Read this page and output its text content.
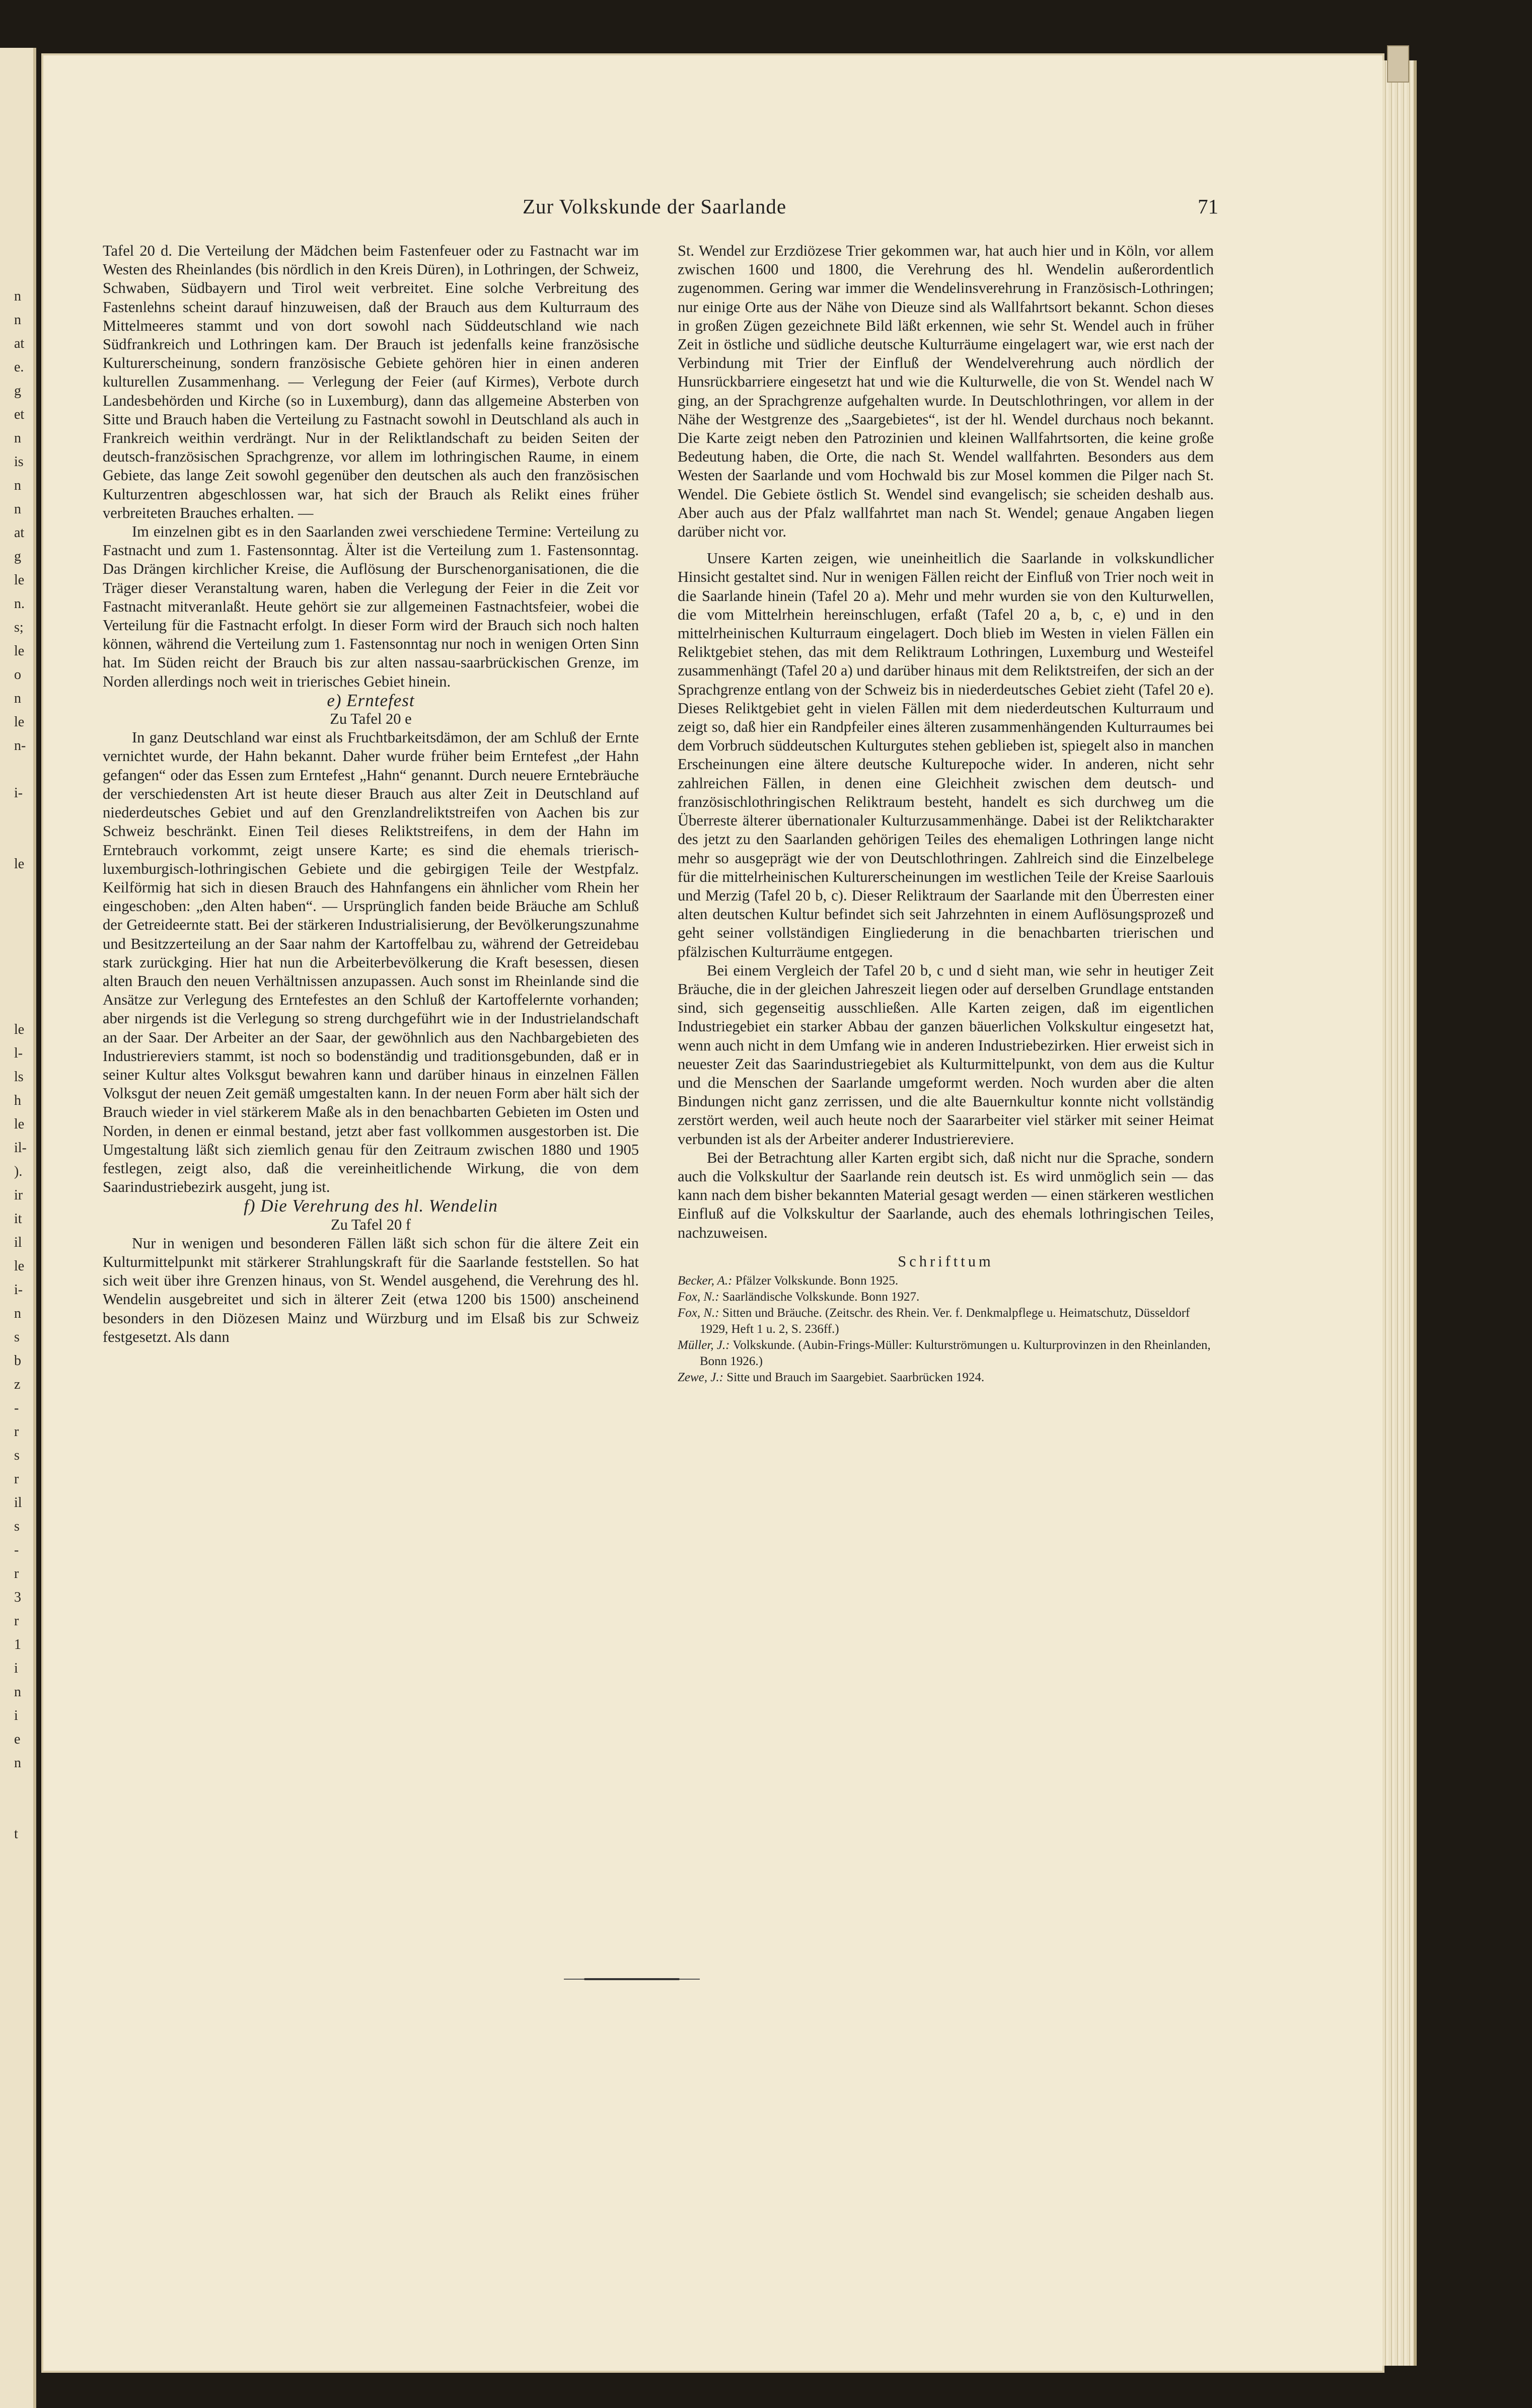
n
n
at
e.
g
et
n
is
n
n
at
g
le
n.
s;
le
o
n
le
n-
i-
le
le
l-
ls
h
le
il-
).
ir
it
il
le
i-
n
s
b
z
-
r
s
r
il
s
-
r
3
r
1
i
n
i
e
n
t
Zur Volkskunde der Saarlande	71

Tafel 20 d. Die Verteilung der Mädchen beim Fastenfeuer oder zu Fastnacht war im Westen des Rheinlandes (bis nördlich in den Kreis Düren), in Lothringen, der Schweiz, Schwaben, Südbayern und Tirol weit verbreitet. Eine solche Verbreitung des Fastenlehns scheint darauf hinzuweisen, daß der Brauch aus dem Kulturraum des Mittelmeeres stammt und von dort sowohl nach Süddeutschland wie nach Südfrankreich und Lothringen kam. Der Brauch ist jedenfalls keine französische Kulturerscheinung, sondern französische Gebiete gehören hier in einen anderen kulturellen Zusammenhang. — Verlegung der Feier (auf Kirmes), Verbote durch Landesbehörden und Kirche (so in Luxemburg), dann das allgemeine Absterben von Sitte und Brauch haben die Verteilung zu Fastnacht sowohl in Deutschland als auch in Frankreich weithin verdrängt. Nur in der Reliktlandschaft zu beiden Seiten der deutsch-französischen Sprachgrenze, vor allem im lothringischen Raume, in einem Gebiete, das lange Zeit sowohl gegenüber den deutschen als auch den französischen Kulturzentren abgeschlossen war, hat sich der Brauch als Relikt eines früher verbreiteten Brauches erhalten. —

Im einzelnen gibt es in den Saarlanden zwei verschiedene Termine: Verteilung zu Fastnacht und zum 1. Fastensonntag. Älter ist die Verteilung zum 1. Fastensonntag. Das Drängen kirchlicher Kreise, die Auflösung der Burschenorganisationen, die die Träger dieser Veranstaltung waren, haben die Verlegung der Feier in die Zeit vor Fastnacht mitveranlaßt. Heute gehört sie zur allgemeinen Fastnachtsfeier, wobei die Verteilung für die Fastnacht erfolgt. In dieser Form wird der Brauch sich noch halten können, während die Verteilung zum 1. Fastensonntag nur noch in wenigen Orten Sinn hat. Im Süden reicht der Brauch bis zur alten nassau-saarbrückischen Grenze, im Norden allerdings noch weit in trierisches Gebiet hinein.

e) Erntefest

Zu Tafel 20 e

In ganz Deutschland war einst als Fruchtbarkeitsdämon, der am Schluß der Ernte vernichtet wurde, der Hahn bekannt. Daher wurde früher beim Erntefest „der Hahn gefangen“ oder das Essen zum Erntefest „Hahn“ genannt. Durch neuere Erntebräuche der verschiedensten Art ist heute dieser Brauch aus alter Zeit in Deutschland auf niederdeutsches Gebiet und auf den Grenzlandreliktstreifen von Aachen bis zur Schweiz beschränkt. Einen Teil dieses Reliktstreifens, in dem der Hahn im Erntebrauch vorkommt, zeigt unsere Karte; es sind die ehemals trierisch-luxemburgisch-lothringischen Gebiete und die gebirgigen Teile der Westpfalz. Keilförmig hat sich in diesen Brauch des Hahnfangens ein ähnlicher vom Rhein her eingeschoben: „den Alten haben“. — Ursprünglich fanden beide Bräuche am Schluß der Getreideernte statt. Bei der stärkeren Industrialisierung, der Bevölkerungszunahme und Besitzzerteilung an der Saar nahm der Kartoffelbau zu, während der Getreidebau stark zurückging. Hier hat nun die Arbeiterbevölkerung die Kraft besessen, diesen alten Brauch den neuen Verhältnissen anzupassen. Auch sonst im Rheinlande sind die Ansätze zur Verlegung des Erntefestes an den Schluß der Kartoffelernte vorhanden; aber nirgends ist die Verlegung so streng durchgeführt wie in der Industrielandschaft an der Saar. Der Arbeiter an der Saar, der gewöhnlich aus den Nachbargebieten des Industriereviers stammt, ist noch so bodenständig und traditionsgebunden, daß er in seiner Kultur altes Volksgut bewahren kann und darüber hinaus in einzelnen Fällen Volksgut der neuen Zeit gemäß umgestalten kann. In der neuen Form aber hält sich der Brauch wieder in viel stärkerem Maße als in den benachbarten Gebieten im Osten und Norden, in denen er einmal bestand, jetzt aber fast vollkommen ausgestorben ist. Die Umgestaltung läßt sich ziemlich genau für den Zeitraum zwischen 1880 und 1905 festlegen, zeigt also, daß die vereinheitlichende Wirkung, die von dem Saarindustriebezirk ausgeht, jung ist.

f) Die Verehrung des hl. Wendelin

Zu Tafel 20 f

Nur in wenigen und besonderen Fällen läßt sich schon für die ältere Zeit ein Kulturmittelpunkt mit stärkerer Strahlungskraft für die Saarlande feststellen. So hat sich weit über ihre Grenzen hinaus, von St. Wendel ausgehend, die Verehrung des hl. Wendelin ausgebreitet und sich in älterer Zeit (etwa 1200 bis 1500) anscheinend besonders in den Diözesen Mainz und Würzburg und im Elsaß bis zur Schweiz festgesetzt. Als dann

St. Wendel zur Erzdiözese Trier gekommen war, hat auch hier und in Köln, vor allem zwischen 1600 und 1800, die Verehrung des hl. Wendelin außerordentlich zugenommen. Gering war immer die Wendelinsverehrung in Französisch-Lothringen; nur einige Orte aus der Nähe von Dieuze sind als Wallfahrtsort bekannt. Schon dieses in großen Zügen gezeichnete Bild läßt erkennen, wie sehr St. Wendel auch in früher Zeit in östliche und südliche deutsche Kulturräume eingelagert war, wie erst nach der Verbindung mit Trier der Einfluß der Wendelverehrung auch nördlich der Hunsrückbarriere eingesetzt hat und wie die Kulturwelle, die von St. Wendel nach W ging, an der Sprachgrenze aufgehalten wurde. In Deutschlothringen, vor allem in der Nähe der Westgrenze des „Saargebietes“, ist der hl. Wendel durchaus noch bekannt. Die Karte zeigt neben den Patrozinien und kleinen Wallfahrtsorten, die keine große Bedeutung haben, die Orte, die nach St. Wendel wallfahrten. Besonders aus dem Westen der Saarlande und vom Hochwald bis zur Mosel kommen die Pilger nach St. Wendel. Die Gebiete östlich St. Wendel sind evangelisch; sie scheiden deshalb aus. Aber auch aus der Pfalz wallfahrtet man nach St. Wendel; genaue Angaben liegen darüber nicht vor.

Unsere Karten zeigen, wie uneinheitlich die Saarlande in volkskundlicher Hinsicht gestaltet sind. Nur in wenigen Fällen reicht der Einfluß von Trier noch weit in die Saarlande hinein (Tafel 20 a). Mehr und mehr wurden sie von den Kulturwellen, die vom Mittelrhein hereinschlugen, erfaßt (Tafel 20 a, b, c, e) und in den mittelrheinischen Kulturraum eingelagert. Doch blieb im Westen in vielen Fällen ein Reliktgebiet stehen, das mit dem Reliktraum Lothringen, Luxemburg und Westeifel zusammenhängt (Tafel 20 a) und darüber hinaus mit dem Reliktstreifen, der sich an der Sprachgrenze entlang von der Schweiz bis in niederdeutsches Gebiet zieht (Tafel 20 e). Dieses Reliktgebiet geht in vielen Fällen mit dem niederdeutschen Kulturraum und zeigt so, daß hier ein Randpfeiler eines älteren zusammenhängenden Kulturraumes bei dem Vorbruch süddeutschen Kulturgutes stehen geblieben ist, spiegelt also in manchen Erscheinungen eine ältere deutsche Kulturepoche wider. In anderen, nicht sehr zahlreichen Fällen, in denen eine Gleichheit zwischen dem deutsch- und französischlothringischen Reliktraum besteht, handelt es sich durchweg um die Überreste älterer übernationaler Kulturzusammenhänge. Dabei ist der Reliktcharakter des jetzt zu den Saarlanden gehörigen Teiles des ehemaligen Lothringen lange nicht mehr so ausgeprägt wie der von Deutschlothringen. Zahlreich sind die Einzelbelege für die mittelrheinischen Kulturerscheinungen im westlichen Teile der Kreise Saarlouis und Merzig (Tafel 20 b, c). Dieser Reliktraum der Saarlande mit den Überresten einer alten deutschen Kultur befindet sich seit Jahrzehnten in einem Auflösungsprozeß und geht seiner vollständigen Eingliederung in die benachbarten trierischen und pfälzischen Kulturräume entgegen.

Bei einem Vergleich der Tafel 20 b, c und d sieht man, wie sehr in heutiger Zeit Bräuche, die in der gleichen Jahreszeit liegen oder auf derselben Grundlage entstanden sind, sich gegenseitig ausschließen. Alle Karten zeigen, daß im eigentlichen Industriegebiet ein starker Abbau der ganzen bäuerlichen Volkskultur eingesetzt hat, wenn auch nicht in dem Umfang wie in anderen Industriebezirken. Hier erweist sich in neuester Zeit das Saarindustriegebiet als Kulturmittelpunkt, von dem aus die Kultur und die Menschen der Saarlande umgeformt werden. Noch wurden aber die alten Bindungen nicht ganz zerrissen, und die alte Bauernkultur konnte nicht vollständig zerstört werden, weil auch heute noch der Saararbeiter viel stärker mit seiner Heimat verbunden ist als der Arbeiter anderer Industriereviere.

Bei der Betrachtung aller Karten ergibt sich, daß nicht nur die Sprache, sondern auch die Volkskultur der Saarlande rein deutsch ist. Es wird unmöglich sein — das kann nach dem bisher bekannten Material gesagt werden — einen stärkeren westlichen Einfluß auf die Volkskultur der Saarlande, auch des ehemals lothringischen Teiles, nachzuweisen.

Schrifttum
Becker, A.: Pfälzer Volkskunde. Bonn 1925.
Fox, N.: Saarländische Volkskunde. Bonn 1927.
Fox, N.: Sitten und Bräuche. (Zeitschr. des Rhein. Ver. f. Denkmalpflege u. Heimatschutz, Düsseldorf 1929, Heft 1 u. 2, S. 236ff.)
Müller, J.: Volkskunde. (Aubin-Frings-Müller: Kulturströmungen u. Kulturprovinzen in den Rheinlanden, Bonn 1926.)
Zewe, J.: Sitte und Brauch im Saargebiet. Saarbrücken 1924.
